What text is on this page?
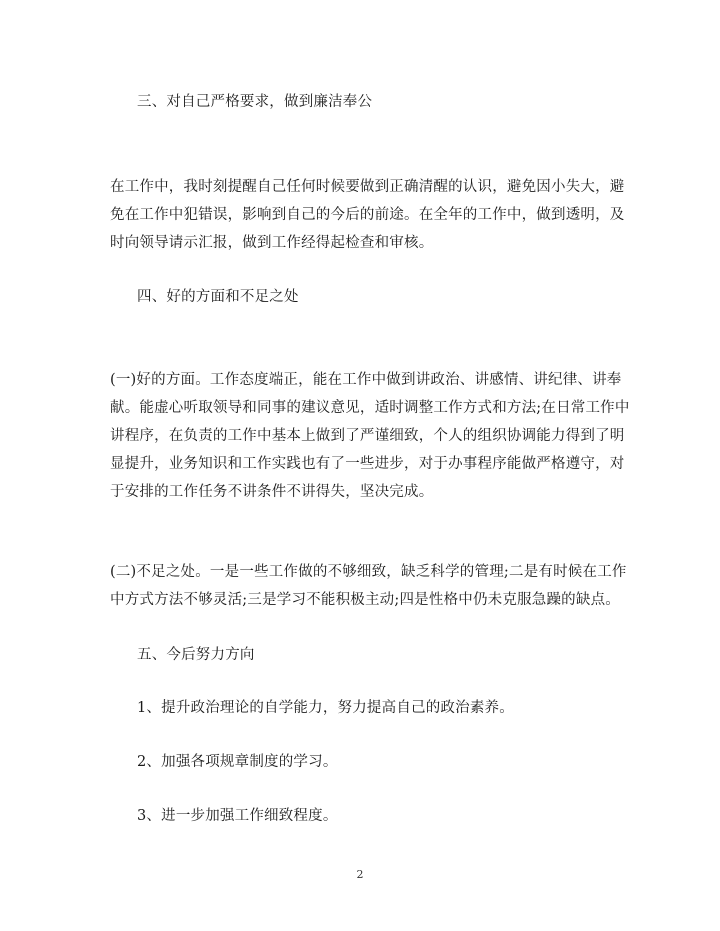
三、对自己严格要求，做到廉洁奉公
在工作中，我时刻提醒自己任何时候要做到正确清醒的认识，避免因小失大，避
免在工作中犯错误，影响到自己的今后的前途。在全年的工作中，做到透明，及
时向领导请示汇报，做到工作经得起检查和审核。
四、好的方面和不足之处
(一)好的方面。工作态度端正，能在工作中做到讲政治、讲感情、讲纪律、讲奉
献。能虚心听取领导和同事的建议意见，适时调整工作方式和方法;在日常工作中
讲程序，在负责的工作中基本上做到了严谨细致，个人的组织协调能力得到了明
显提升，业务知识和工作实践也有了一些进步，对于办事程序能做严格遵守，对
于安排的工作任务不讲条件不讲得失，坚决完成。
(二)不足之处。一是一些工作做的不够细致，缺乏科学的管理;二是有时候在工作
中方式方法不够灵活;三是学习不能积极主动;四是性格中仍未克服急躁的缺点。
五、今后努力方向
1、提升政治理论的自学能力，努力提高自己的政治素养。
2、加强各项规章制度的学习。
3、进一步加强工作细致程度。
2
